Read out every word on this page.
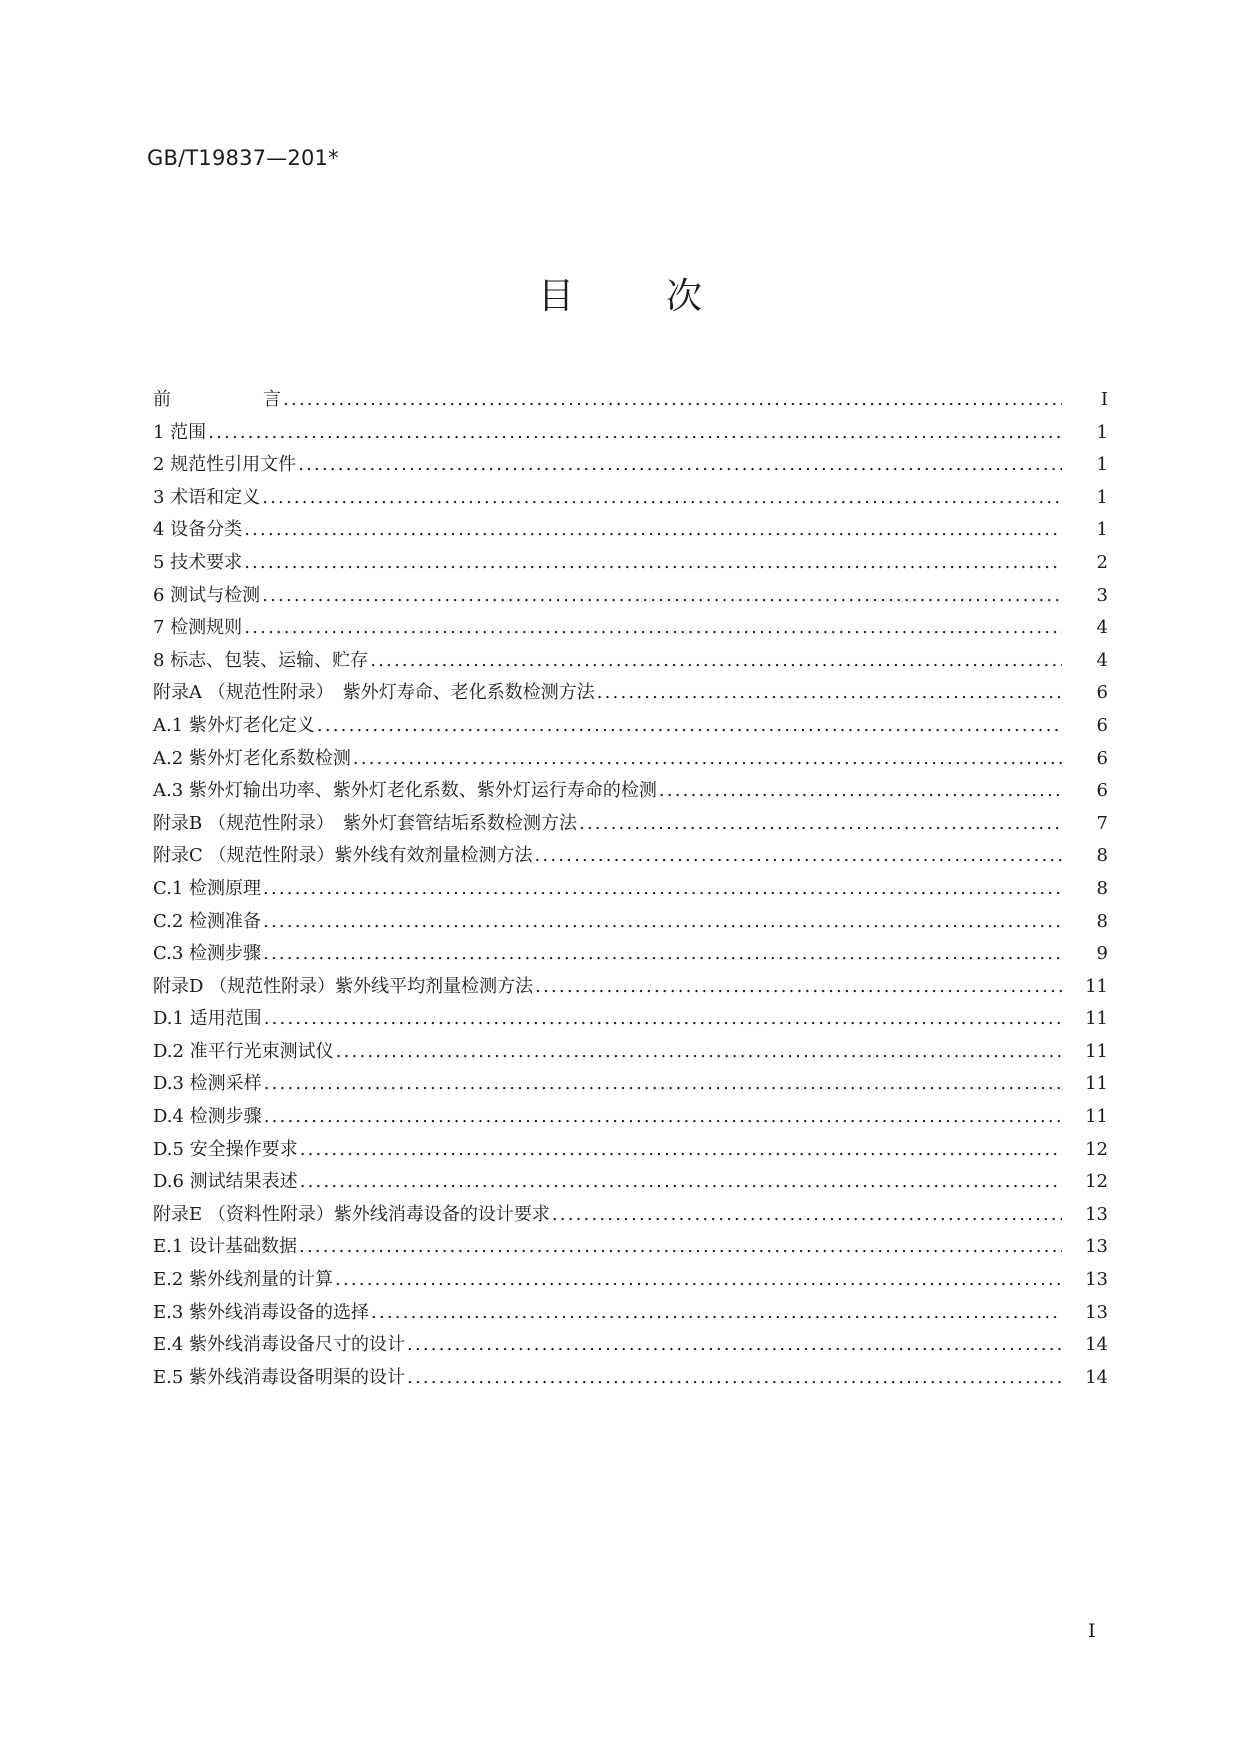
GB/T19837—201*
目	次
前	言 .....	I
1 范围 .....	1
2 规范性引用文件 .....	1
3 术语和定义 .....	1
4 设备分类 .....	1
5 技术要求 .....	2
6 测试与检测 .....	3
7 检测规则 .....	4
8 标志、包装、运输、贮存 .....	4
附录A （规范性附录）　紫外灯寿命、老化系数检测方法 .....	6
A.1 紫外灯老化定义 .....	6
A.2 紫外灯老化系数检测 .....	6
A.3 紫外灯输出功率、紫外灯老化系数、紫外灯运行寿命的检测 .....	6
附录B （规范性附录）　紫外灯套管结垢系数检测方法 .....	7
附录C （规范性附录）紫外线有效剂量检测方法 .....	8
C.1 检测原理 .....	8
C.2 检测准备 .....	8
C.3 检测步骤 .....	9
附录D （规范性附录）紫外线平均剂量检测方法 .....	11
D.1 适用范围 .....	11
D.2 准平行光束测试仪 .....	11
D.3 检测采样 .....	11
D.4 检测步骤 .....	11
D.5 安全操作要求 .....	12
D.6 测试结果表述 .....	12
附录E （资料性附录）紫外线消毒设备的设计要求 .....	13
E.1 设计基础数据 .....	13
E.2 紫外线剂量的计算 .....	13
E.3 紫外线消毒设备的选择 .....	13
E.4 紫外线消毒设备尺寸的设计 .....	14
E.5 紫外线消毒设备明渠的设计 .....	14
I
